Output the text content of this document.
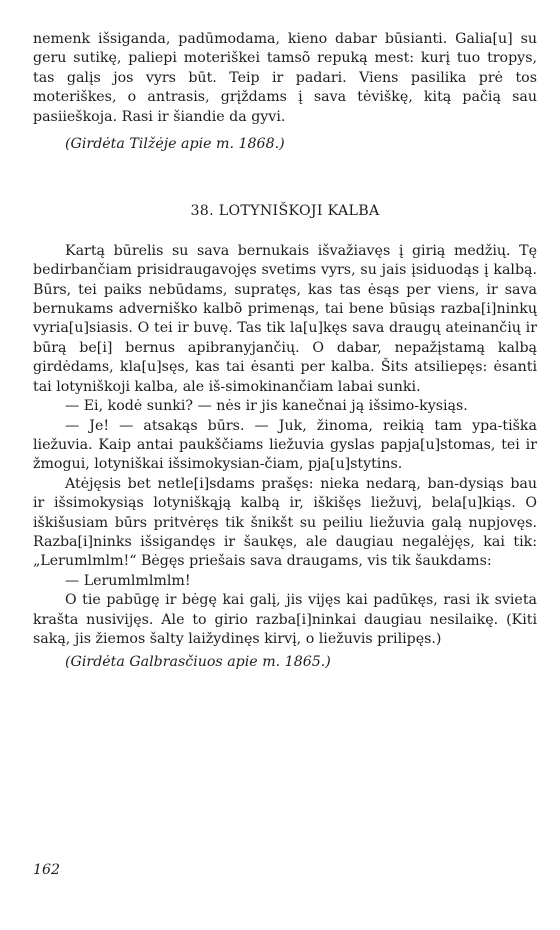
nemenk išsiganda, padūmodama, kieno dabar būsianti. Galia[u] su geru sutikę, paliepi moteriškei tamsõ repuką mest: kurį tuo tropys, tas galįs jos vyrs būt. Teip ir padari. Viens pasilika prė tos moteriškes, o antrasis, grįždams į sava tėviškę, kitą pačią sau pasiieškoja. Rasi ir šiandie da gyvi.

(Girdėta Tilžėje apie m. 1868.)

38. LOTYNIŠKOJI KALBA

Kartą būrelis su sava bernukais išvažiavęs į girią medžių. Tę bedirbančiam prisidraugavojęs svetims vyrs, su jais įsiduodąs į kalbą. Būrs, tei paiks nebūdams, supratęs, kas tas ėsąs per viens, ir sava bernukams adverniško kalbõ primenąs, tai bene būsiąs razba[i]ninkų vyria[u]siasis. O tei ir buvę. Tas tik la[u]kęs sava draugų ateinančių ir būrą be[i] bernus apibranyjančių. O dabar, nepažįstamą kalbą girdėdams, kla[u]sęs, kas tai ėsanti per kalba. Šits atsiliepęs: ėsanti tai lotyniškoji kalba, ale iš-simokinančiam labai sunki.

— Ei, kodė sunki? — nės ir jis kanečnai ją išsimo-kysiąs.

— Je! — atsakąs būrs. — Juk, žinoma, reikią tam ypa-tiška liežuvia. Kaip antai paukščiams liežuvia gyslas papja[u]stomas, tei ir žmogui, lotyniškai išsimokysian-čiam, pja[u]stytins.

Atėjęsis bet netle[i]sdams prašęs: nieka nedarą, ban-dysiąs bau ir išsimokysiąs lotyniškąją kalbą ir, iškišęs liežuvį, bela[u]kiąs. O iškišusiam būrs pritvėręs tik šnikšt su peiliu liežuvia galą nupjovęs. Razba[i]ninks išsigandęs ir šaukęs, ale daugiau negalėjęs, kai tik: „Lerumlmlm!“ Bėgęs priešais sava draugams, vis tik šaukdams:

— Lerumlmlmlm!

O tie pabūgę ir bėgę kai galį, jis vijęs kai padūkęs, rasi ik svieta krašta nusivijęs. Ale to girio razba[i]ninkai daugiau nesilaikę. (Kiti saką, jis žiemos šalty laižydinęs kirvį, o liežuvis prilipęs.)

(Girdėta Galbrasčiuos apie m. 1865.)

162
